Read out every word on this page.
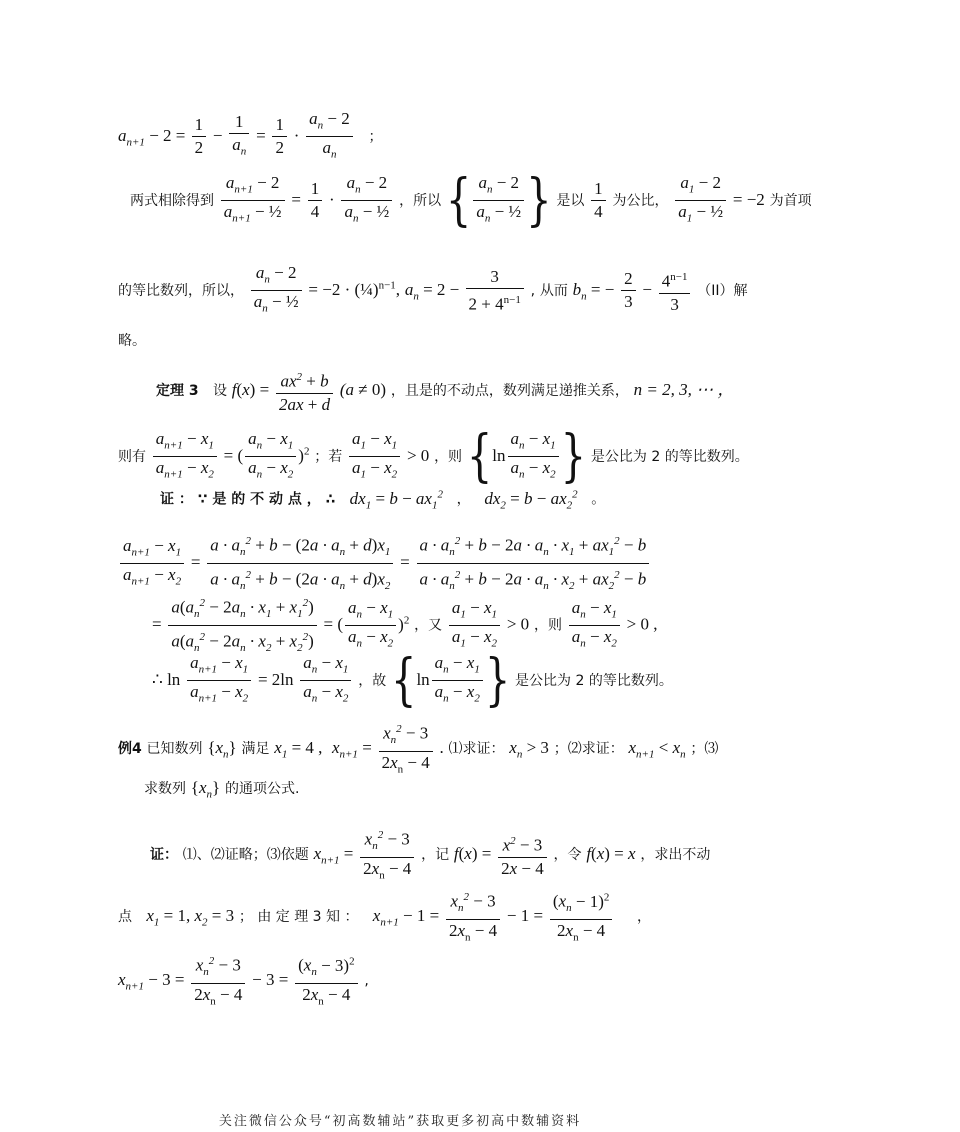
$a_{n+1} - 2 = \frac{1}{2} - \frac{1}{a_n} = \frac{1}{2} \cdot \frac{a_n - 2}{a_n}$ ；
两式相除得到 $\frac{a_{n+1} - 2}{a_{n+1} - \frac{1}{2}} = \frac{1}{4} \cdot \frac{a_n - 2}{a_n - \frac{1}{2}}$ ，所以 { $\frac{a_n - 2}{a_n - \frac{1}{2}}$ } 是以 $\frac{1}{4}$ 为公比， $\frac{a_1 - 2}{a_1 - \frac{1}{2}} = -2$ 为首项
的等比数列，所以， $\frac{a_n - 2}{a_n - \frac{1}{2}} = -2$ · (¼)$^{n-1}$, $a_n = 2 - \frac{3}{2 + 4^{n-1}}$ , 从而 $b_n$ = − $\frac{2}{3} - \frac{4^{n-1}}{3} (II)$解
略。
定理 3 设 $f(x) = \frac{ax^2 + b}{2ax + d} (a \ne 0)$ ，且是的不动点，数列满足递推关系， n = 2, 3, ⋯ ，
则有 $\frac{a_{n+1} - x_1}{a_{n+1} - x_2}$ = ( $\frac{a_n - x_1}{a_n - x_2} )^2$ ；若 $\frac{a_1 - x_1}{a_1 - x_2} > 0$ ，则 {$\ln \frac{a_n - x_1}{a_n - x_2}$ } 是公比为 2 的等比数列。
证 ： ∵ 是 的 不 动 点 ， ∴ $dx_1 = b - ax_1^2$   ，   $dx_2 = b - ax_2^2$   。
$\frac{a_{n+1} - x_1}{a_{n+1} - x_2} = \frac{a \cdot a_n^2 + b - (2a \cdot a_n + d)x_1}{a \cdot a_n^2 + b - (2a \cdot a_n + d)x_2} = \frac{a \cdot a_n^2 + b - 2a \cdot a_n \cdot x_1 + ax_1^2 - b}{a \cdot a_n^2 + b - 2a \cdot a_n \cdot x_2 + ax_2^2 - b}$
= $\frac{a(a_n^2 - 2a_n \cdot x_1 + x_1^2)}{a(a_n^2 - 2a_n \cdot x_2 + x_2^2)}$ = ( $\frac{a_n - x_1}{a_n - x_2} )^2$ ，又 $\frac{a_1 - x_1}{a_1 - x_2} > 0$ ，则 $\frac{a_n - x_1}{a_n - x_2} > 0$ ,
∴ $\ln \frac{a_{n+1} - x_1}{a_{n+1} - x_2} = 2\ln \frac{a_n - x_1}{a_n - x_2}$ ，故 {$\ln \frac{a_n - x_1}{a_n - x_2}$ } 是公比为 2 的等比数列。
例4 已知数列 $\{x_n\}$ 满足 $x_1 = 4$ , $x_{n+1} = \frac{x_n^2 - 3}{2x_n - 4}$ . ⑴求证： $x_n > 3$ ；⑵求证： $x_{n+1} < x_n$ ；⑶
求数列 $\{x_n\}$ 的通项公式.
证： ⑴、⑵证略；⑶依题 $x_{n+1} = \frac{x_n^2 - 3}{2x_n - 4}$ ，记 $f(x) = \frac{x^2 - 3}{2x - 4}$ ，令 f(x) = x ，求出不动
点 $x_1 = 1$, $x_2 = 3$ ； 由 定 理 3 知 ： $x_{n+1} - 1 = \frac{x_n^2 - 3}{2x_n - 4} - 1 = \frac{(x_n - 1)^2}{2x_n - 4}$ ，
$x_{n+1} - 3 = \frac{x_n^2 - 3}{2x_n - 4} - 3 = \frac{(x_n - 3)^2}{2x_n - 4}$ ,
关注微信公众号“初高数辅站”获取更多初高中数辅资料
